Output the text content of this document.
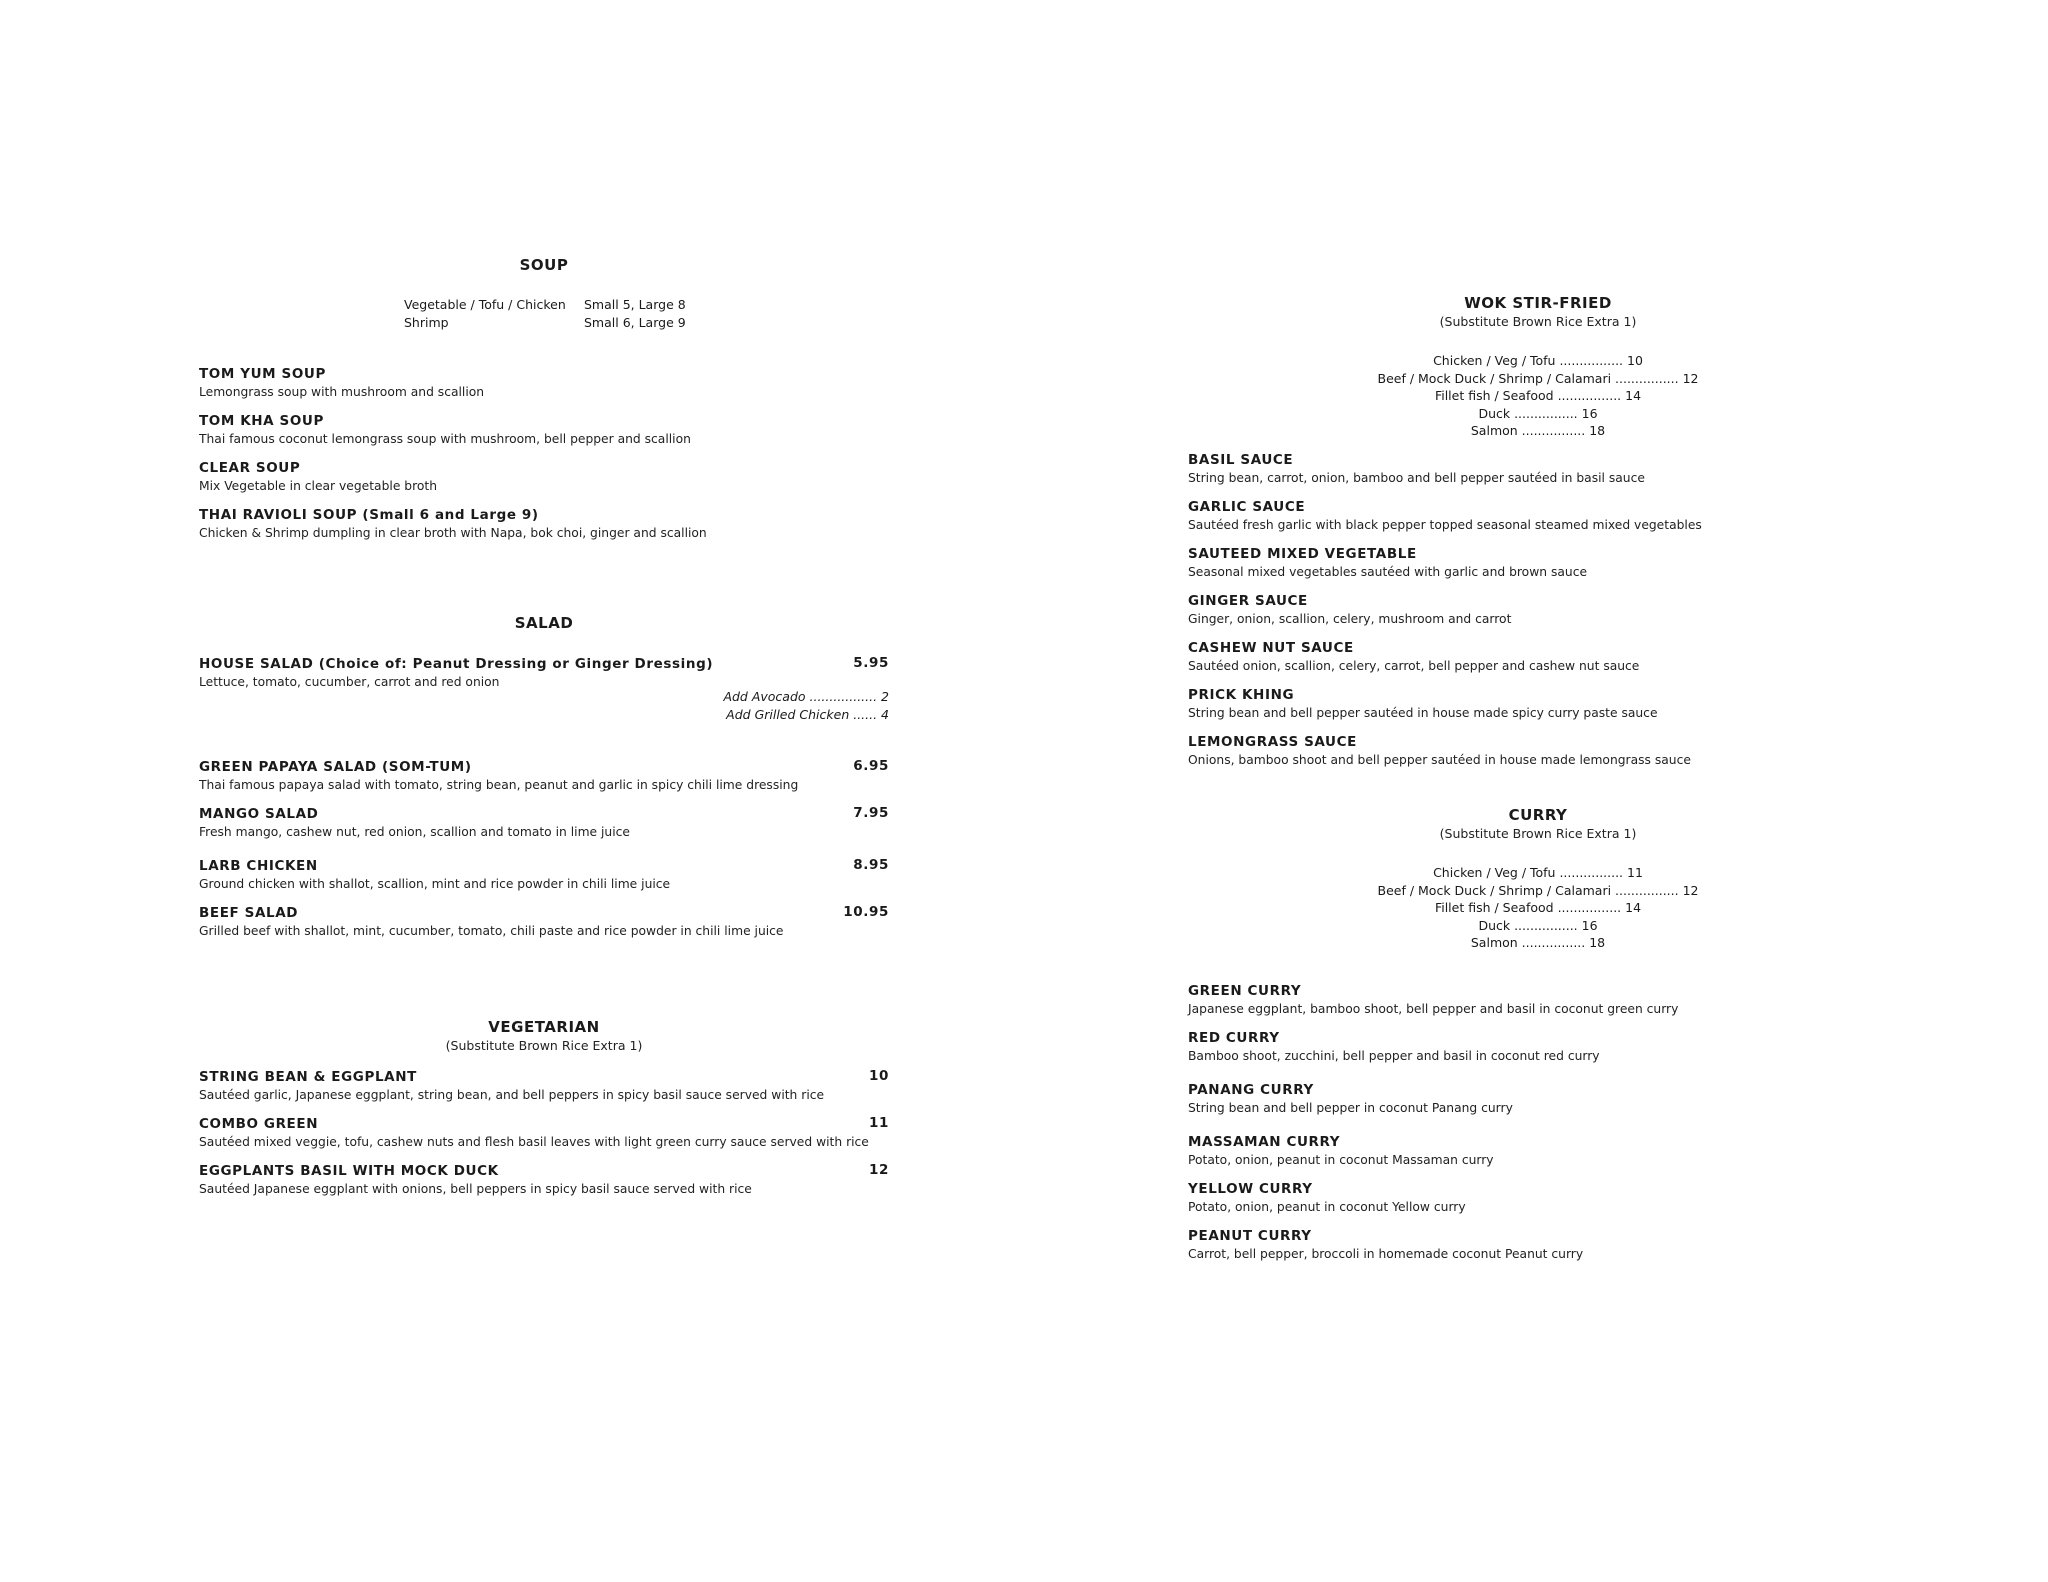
SOUP
Vegetable / Tofu / Chicken
Shrimp
Small 5, Large 8
Small 6, Large 9
TOM YUM SOUP
Lemongrass soup with mushroom and scallion
TOM KHA SOUP
Thai famous coconut lemongrass soup with mushroom, bell pepper and scallion
CLEAR SOUP
Mix Vegetable in clear vegetable broth
THAI RAVIOLI SOUP (Small 6 and Large 9)
Chicken & Shrimp dumpling in clear broth with Napa, bok choi, ginger and scallion
SALAD
HOUSE SALAD (Choice of: Peanut Dressing or Ginger Dressing)
Lettuce, tomato, cucumber, carrot and red onion
5.95
Add Avocado ................. 2
Add Grilled Chicken ...... 4
GREEN PAPAYA SALAD (SOM-TUM)
Thai famous papaya salad with tomato, string bean, peanut and garlic in spicy chili lime dressing
6.95
MANGO SALAD
Fresh mango, cashew nut, red onion, scallion and tomato in lime juice
7.95
LARB CHICKEN
Ground chicken with shallot, scallion, mint and rice powder in chili lime juice
8.95
BEEF SALAD
Grilled beef with shallot, mint, cucumber, tomato, chili paste and rice powder in chili lime juice
10.95
VEGETARIAN
(Substitute Brown Rice Extra 1)
STRING BEAN & EGGPLANT
Sautéed garlic, Japanese eggplant, string bean, and bell peppers in spicy basil sauce served with rice
10
COMBO GREEN
Sautéed mixed veggie, tofu, cashew nuts and flesh basil leaves with light green curry sauce served with rice
11
EGGPLANTS BASIL WITH MOCK DUCK
Sautéed Japanese eggplant with onions, bell peppers in spicy basil sauce served with rice
12
WOK STIR-FRIED
(Substitute Brown Rice Extra 1)
Chicken / Veg / Tofu ................ 10
Beef / Mock Duck / Shrimp / Calamari ................ 12
Fillet fish / Seafood ................ 14
Duck ................ 16
Salmon ................ 18
BASIL SAUCE
String bean, carrot, onion, bamboo and bell pepper sautéed in basil sauce
GARLIC SAUCE
Sautéed fresh garlic with black pepper topped seasonal steamed mixed vegetables
SAUTEED MIXED VEGETABLE
Seasonal mixed vegetables sautéed with garlic and brown sauce
GINGER SAUCE
Ginger, onion, scallion, celery, mushroom and carrot
CASHEW NUT SAUCE
Sautéed onion, scallion, celery, carrot, bell pepper and cashew nut sauce
PRICK KHING
String bean and bell pepper sautéed in house made spicy curry paste sauce
LEMONGRASS SAUCE
Onions, bamboo shoot and bell pepper sautéed in house made lemongrass sauce
CURRY
(Substitute Brown Rice Extra 1)
Chicken / Veg / Tofu ................ 11
Beef / Mock Duck / Shrimp / Calamari ................ 12
Fillet fish / Seafood ................ 14
Duck ................ 16
Salmon ................ 18
GREEN CURRY
Japanese eggplant, bamboo shoot, bell pepper and basil in coconut green curry
RED CURRY
Bamboo shoot, zucchini, bell pepper and basil in coconut red curry
PANANG CURRY
String bean and bell pepper in coconut Panang curry
MASSAMAN CURRY
Potato, onion, peanut in coconut Massaman curry
YELLOW CURRY
Potato, onion, peanut in coconut Yellow curry
PEANUT CURRY
Carrot, bell pepper, broccoli in homemade coconut Peanut curry
